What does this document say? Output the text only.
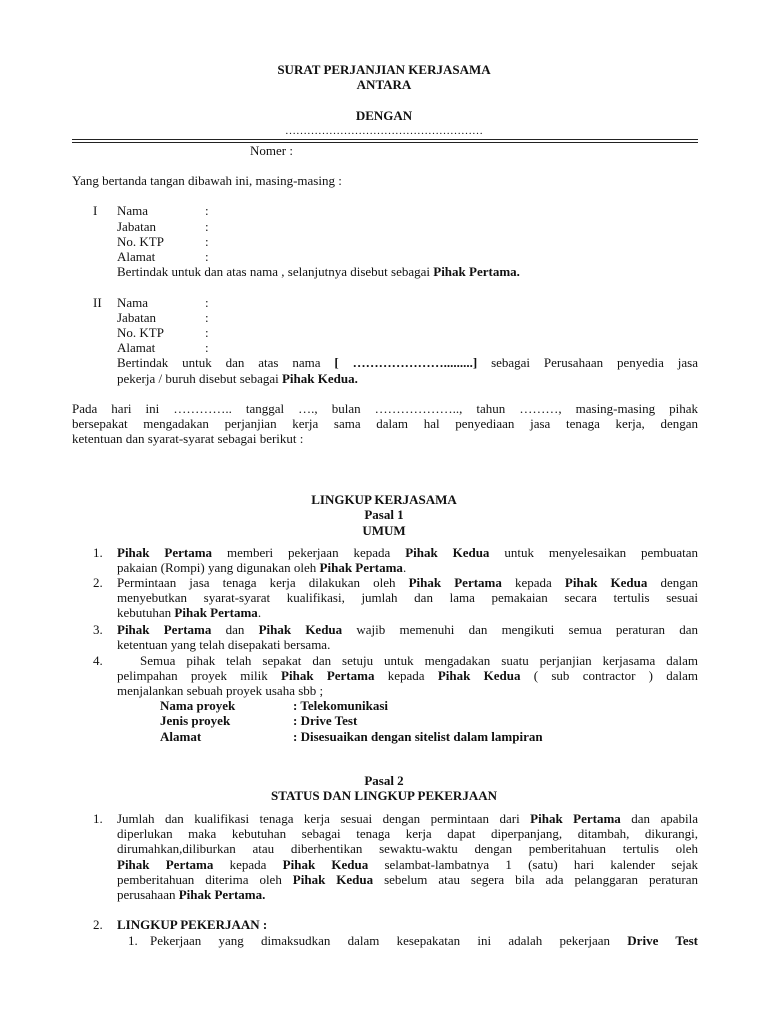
SURAT PERJANJIAN KERJASAMA
ANTARA
DENGAN
………………………………………………
Nomer :
Yang bertanda tangan dibawah ini, masing-masing :
I Nama	:
Jabatan	:
No. KTP	:
Alamat	:
Bertindak untuk dan atas nama , selanjutnya disebut sebagai Pihak Pertama.
II Nama	:
Jabatan	:
No. KTP	:
Alamat	:
Bertindak untuk dan atas nama [ ………………….........] sebagai Perusahaan penyedia jasa
pekerja / buruh disebut sebagai Pihak Kedua.
Pada hari ini ………….. tanggal …., bulan ……………….., tahun ………, masing-masing pihak
bersepakat mengadakan perjanjian kerja sama dalam hal penyediaan jasa tenaga kerja, dengan
ketentuan dan syarat-syarat sebagai berikut :
LINGKUP KERJASAMA
Pasal 1
UMUM
1. Pihak Pertama memberi pekerjaan kepada Pihak Kedua untuk menyelesaikan pembuatan
pakaian (Rompi) yang digunakan oleh Pihak Pertama.
2. Permintaan jasa tenaga kerja dilakukan oleh Pihak Pertama kepada Pihak Kedua dengan
menyebutkan syarat-syarat kualifikasi, jumlah dan lama pemakaian secara tertulis sesuai
kebutuhan Pihak Pertama.
3. Pihak Pertama dan Pihak Kedua wajib memenuhi dan mengikuti semua peraturan dan
ketentuan yang telah disepakati bersama.
4.	Semua pihak telah sepakat dan setuju untuk mengadakan suatu perjanjian kerjasama dalam
pelimpahan proyek milik Pihak Pertama kepada Pihak Kedua ( sub contractor ) dalam
menjalankan sebuah proyek usaha sbb ;
Nama proyek	: Telekomunikasi
Jenis proyek	: Drive Test
Alamat	: Disesuaikan dengan sitelist dalam lampiran
Pasal 2
STATUS DAN LINGKUP PEKERJAAN
1. Jumlah dan kualifikasi tenaga kerja sesuai dengan permintaan dari Pihak Pertama dan apabila
diperlukan maka kebutuhan sebagai tenaga kerja dapat diperpanjang, ditambah, dikurangi,
dirumahkan,diliburkan atau diberhentikan sewaktu-waktu dengan pemberitahuan tertulis oleh
Pihak Pertama kepada Pihak Kedua selambat-lambatnya 1 (satu) hari kalender sejak
pemberitahuan diterima oleh Pihak Kedua sebelum atau segera bila ada pelanggaran peraturan
perusahaan Pihak Pertama.
2. LINGKUP PEKERJAAN :
1. Pekerjaan yang dimaksudkan dalam kesepakatan ini adalah pekerjaan Drive Test
